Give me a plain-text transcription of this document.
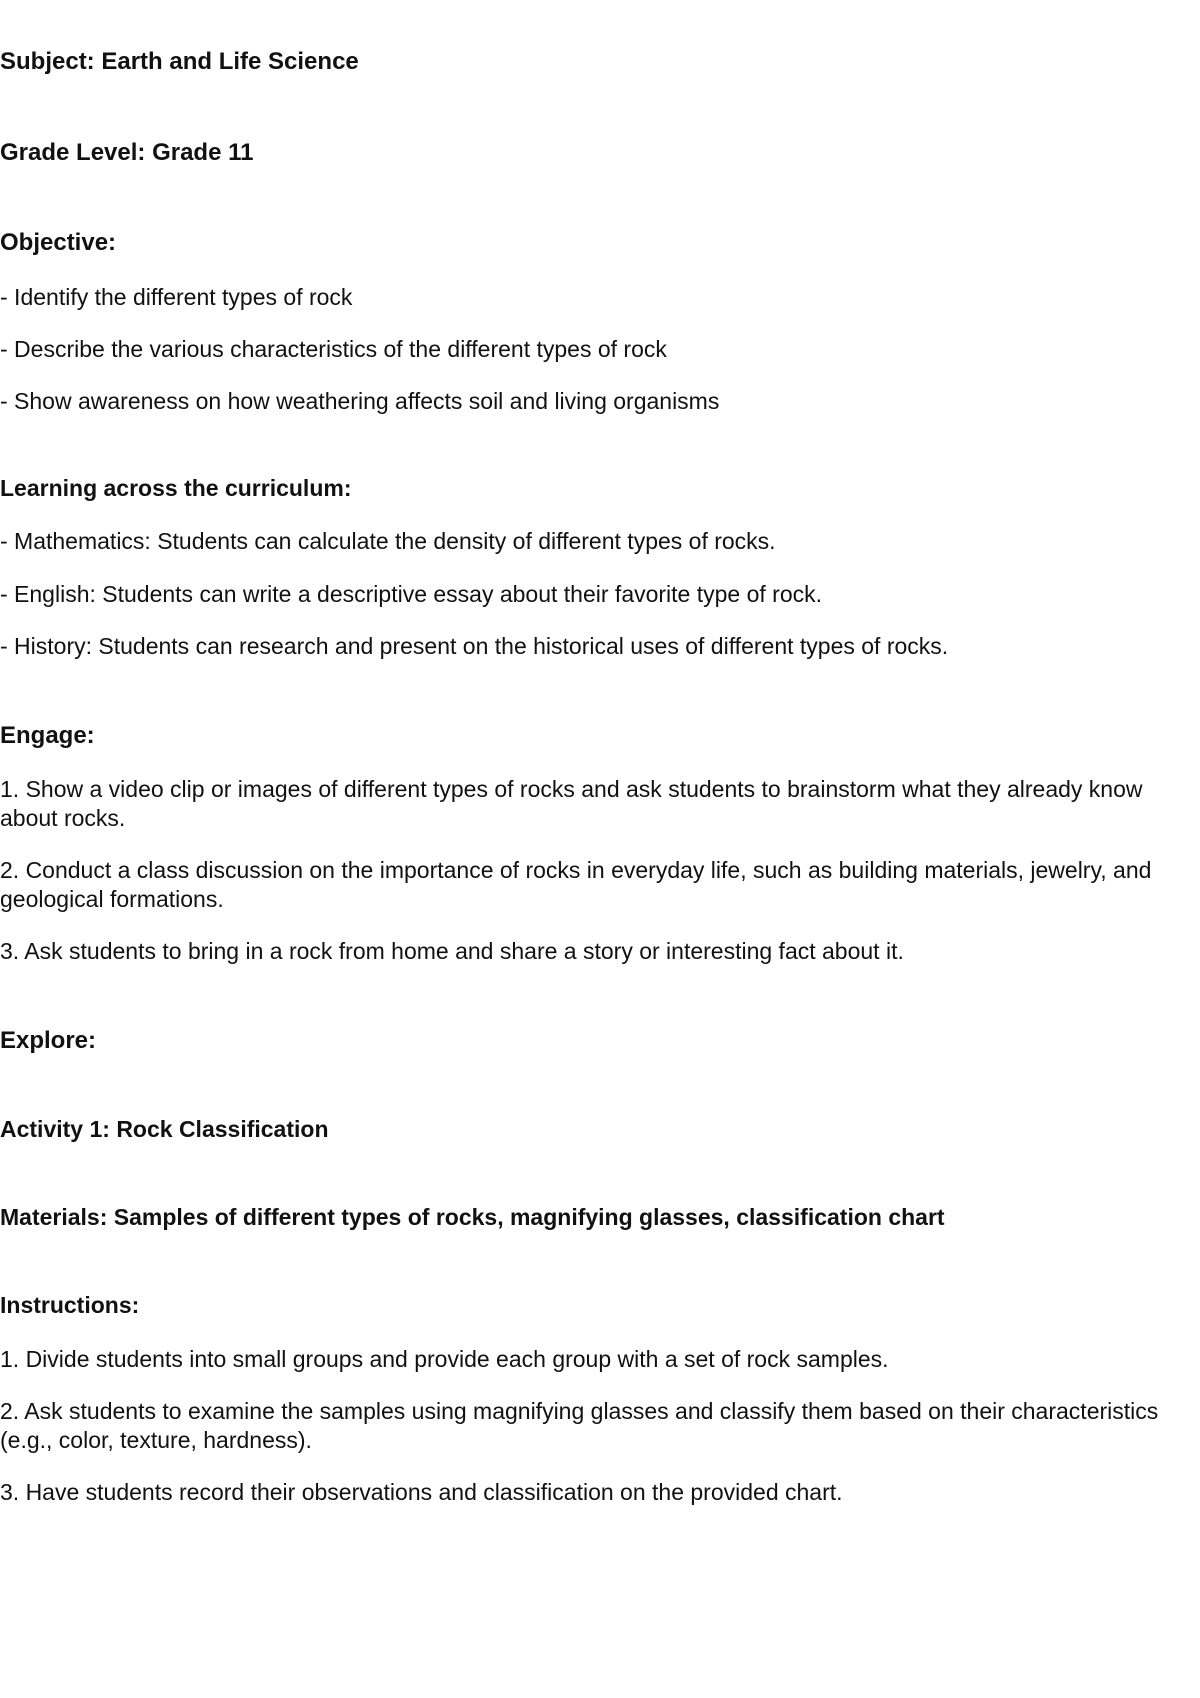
Subject: Earth and Life Science

Grade Level: Grade 11

Objective:

- Identify the different types of rock

- Describe the various characteristics of the different types of rock

- Show awareness on how weathering affects soil and living organisms

Learning across the curriculum:

- Mathematics: Students can calculate the density of different types of rocks.

- English: Students can write a descriptive essay about their favorite type of rock.

- History: Students can research and present on the historical uses of different types of rocks.

Engage:

1. Show a video clip or images of different types of rocks and ask students to brainstorm what they already know about rocks.

2. Conduct a class discussion on the importance of rocks in everyday life, such as building materials, jewelry, and geological formations.

3. Ask students to bring in a rock from home and share a story or interesting fact about it.

Explore:

Activity 1: Rock Classification

Materials: Samples of different types of rocks, magnifying glasses, classification chart

Instructions:

1. Divide students into small groups and provide each group with a set of rock samples.

2. Ask students to examine the samples using magnifying glasses and classify them based on their characteristics (e.g., color, texture, hardness).

3. Have students record their observations and classification on the provided chart.
